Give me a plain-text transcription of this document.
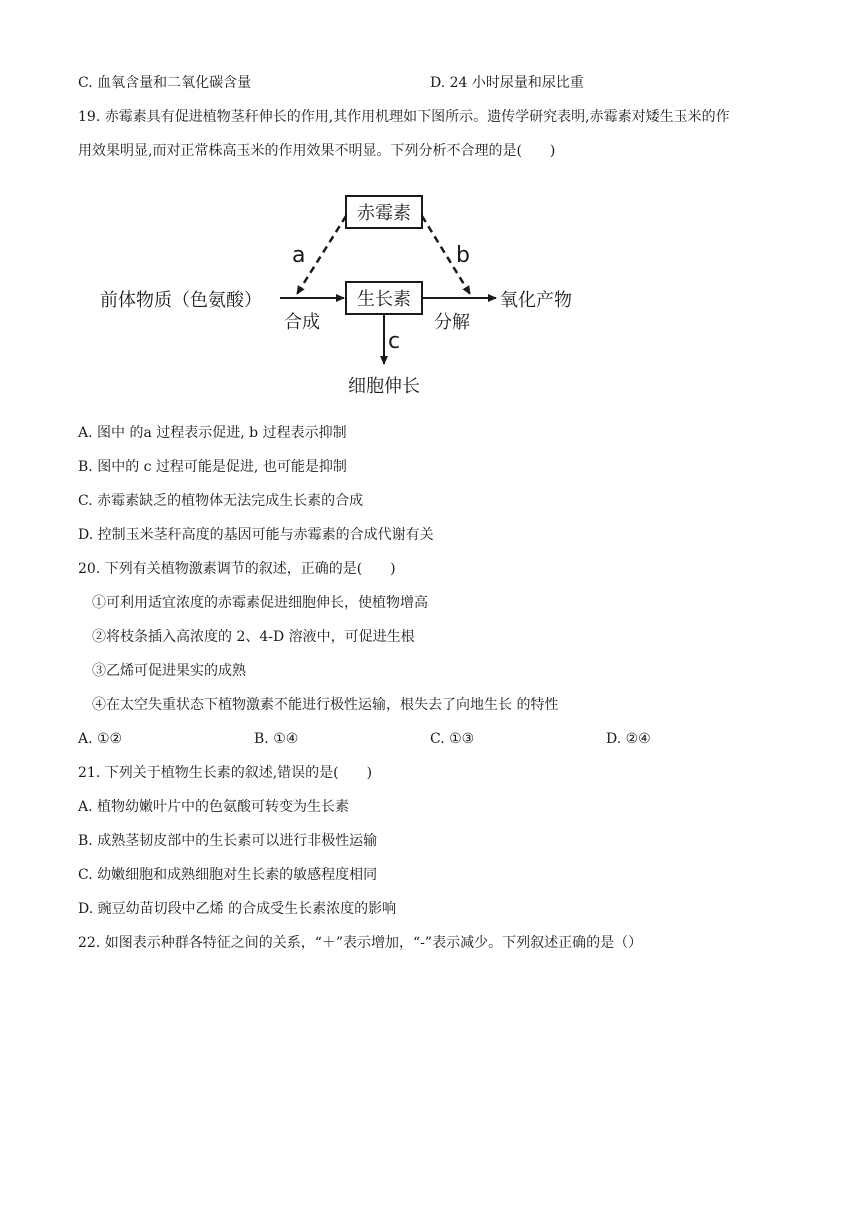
C. 血氧含量和二氧化碳含量	D. 24 小时尿量和尿比重
19. 赤霉素具有促进植物茎秆伸长的作用,其作用机理如下图所示。遗传学研究表明,赤霉素对矮生玉米的作
用效果明显,而对正常株高玉米的作用效果不明显。下列分析不合理的是(　　)
赤霉素
生长素
前体物质（色氨酸）	氧化产物
合成	分解
a	b
c
细胞伸长
A. 图中 的a 过程表示促进, b 过程表示抑制
B. 图中的 c 过程可能是促进, 也可能是抑制
C. 赤霉素缺乏的植物体无法完成生长素的合成
D. 控制玉米茎秆高度的基因可能与赤霉素的合成代谢有关
20. 下列有关植物激素调节的叙述，正确的是(　　)
①可利用适宜浓度的赤霉素促进细胞伸长，使植物增高
②将枝条插入高浓度的 2、4-D 溶液中，可促进生根
③乙烯可促进果实的成熟
④在太空失重状态下植物激素不能进行极性运输，根失去了向地生长 的特性
A. ①②	B. ①④	C. ①③	D. ②④
21. 下列关于植物生长素的叙述,错误的是(　　)
A. 植物幼嫩叶片中的色氨酸可转变为生长素
B. 成熟茎韧皮部中的生长素可以进行非极性运输
C. 幼嫩细胞和成熟细胞对生长素的敏感程度相同
D. 豌豆幼苗切段中乙烯 的合成受生长素浓度的影响
22. 如图表示种群各特征之间的关系，“＋”表示增加，“-”表示减少。下列叙述正确的是（）
